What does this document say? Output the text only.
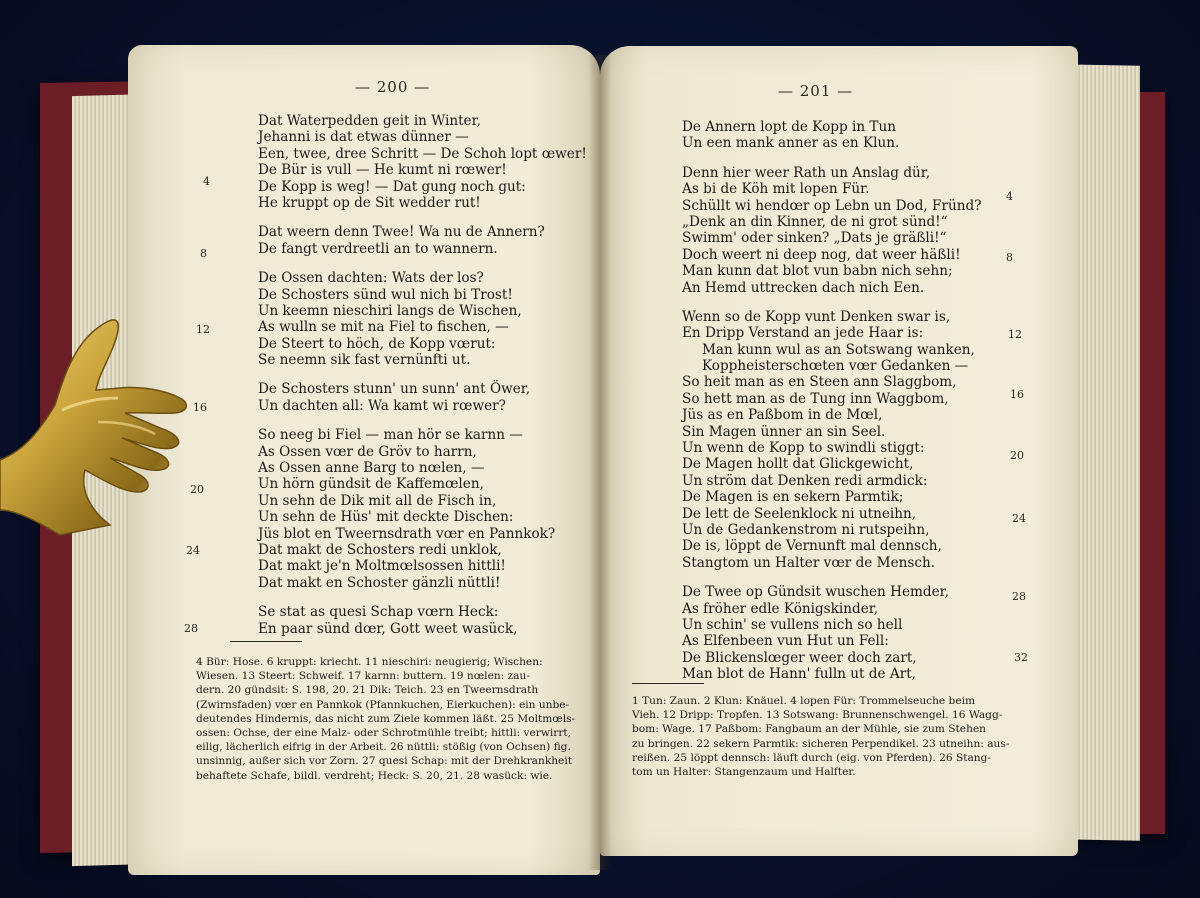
— 200 —
Dat Waterpedden geit in Winter,
Jehanni is dat etwas dünner —
Een, twee, dree Schritt — De Schoh lopt œwer!
De Bür is vull — He kumt ni rœwer!
De Kopp is weg! — Dat gung noch gut:
He kruppt op de Sit wedder rut!
Dat weern denn Twee! Wa nu de Annern?
De fangt verdreetli an to wannern.
De Ossen dachten: Wats der los?
De Schosters sünd wul nich bi Trost!
Un keemn nieschiri langs de Wischen,
As wulln se mit na Fiel to fischen, —
De Steert to höch, de Kopp vœrut:
Se neemn sik fast vernünfti ut.
De Schosters stunn' un sunn' ant Öwer,
Un dachten all: Wa kamt wi rœwer?
So neeg bi Fiel — man hör se karnn —
As Ossen vœr de Gröv to harrn,
As Ossen anne Barg to nœlen, —
Un hörn gündsit de Kaffemœlen,
Un sehn de Dik mit all de Fisch in,
Un sehn de Hüs' mit deckte Dischen:
Jüs blot en Tweernsdrath vœr en Pannkok?
Dat makt de Schosters redi unklok,
Dat makt je'n Moltmœlsossen hittli!
Dat makt en Schoster gänzli nüttli!
Se stat as quesi Schap vœrn Heck:
En paar sünd dœr, Gott weet wasück,
4
8
12
16
20
24
28
4 Bür: Hose. 6 kruppt: kriecht. 11 nieschiri: neugierig; Wischen:
Wiesen. 13 Steert: Schweif. 17 karnn: buttern. 19 nœlen: zau-
dern. 20 gündsit: S. 198, 20. 21 Dik: Teich. 23 en Tweernsdrath
(Zwirnsfaden) vœr en Pannkok (Pfannkuchen, Eierkuchen): ein unbe-
deutendes Hindernis, das nicht zum Ziele kommen läßt. 25 Moltmœls-
ossen: Ochse, der eine Malz- oder Schrotmühle treibt; hittli: verwirrt,
eilig, lächerlich eifrig in der Arbeit. 26 nüttli: stößig (von Ochsen) fig.
unsinnig, außer sich vor Zorn. 27 quesi Schap: mit der Drehkrankheit
behaftete Schafe, bildl. verdreht; Heck: S. 20, 21. 28 wasück: wie.
— 201 —
De Annern lopt de Kopp in Tun
Un een mank anner as en Klun.
Denn hier weer Rath un Anslag dür,
As bi de Köh mit lopen Für.
Schüllt wi hendœr op Lebn un Dod, Fründ?
„Denk an din Kinner, de ni grot sünd!“
Swimm' oder sinken? „Dats je gräßli!“
Doch weert ni deep nog, dat weer häßli!
Man kunn dat blot vun babn nich sehn;
An Hemd uttrecken dach nich Een.
Wenn so de Kopp vunt Denken swar is,
En Dripp Verstand an jede Haar is:
Man kunn wul as an Sotswang wanken,
Koppheisterschœten vœr Gedanken —
So heit man as en Steen ann Slaggbom,
So hett man as de Tung inn Waggbom,
Jüs as en Paßbom in de Mœl,
Sin Magen ünner an sin Seel.
Un wenn de Kopp to swindli stiggt:
De Magen hollt dat Glickgewicht,
Un ström dat Denken redi armdick:
De Magen is en sekern Parmtik;
De lett de Seelenklock ni utneihn,
Un de Gedankenstrom ni rutspeihn,
De is, löppt de Vernunft mal dennsch,
Stangtom un Halter vœr de Mensch.
De Twee op Gündsit wuschen Hemder,
As fröher edle Königskinder,
Un schin' se vullens nich so hell
As Elfenbeen vun Hut un Fell:
De Blickenslœger weer doch zart,
Man blot de Hann' fulln ut de Art,
4
8
12
16
20
24
28
32
1 Tun: Zaun. 2 Klun: Knäuel. 4 lopen Für: Trommelseuche beim
Vieh. 12 Dripp: Tropfen. 13 Sotswang: Brunnenschwengel. 16 Wagg-
bom: Wage. 17 Paßbom: Fangbaum an der Mühle, sie zum Stehen
zu bringen. 22 sekern Parmtik: sicheren Perpendikel. 23 utneihn: aus-
reißen. 25 löppt dennsch: läuft durch (eig. von Pferden). 26 Stang-
tom un Halter: Stangenzaum und Halfter.
